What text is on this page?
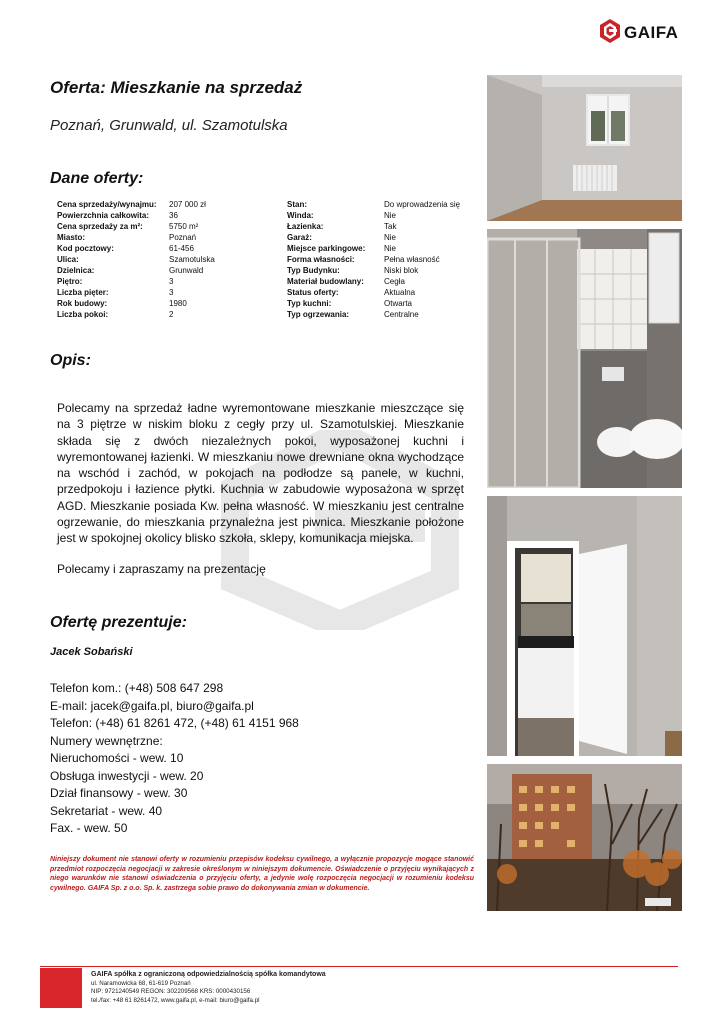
GAIFA
Oferta: Mieszkanie na sprzedaż
Poznań, Grunwald, ul. Szamotulska
Dane oferty:
Cena sprzedaży/wynajmu: 207 000 zł	Stan:	Do wprowadzenia się
Powierzchnia całkowita: 36	Winda:	Nie
Cena sprzedaży za m²:	5750 m²	Łazienka:	Tak
Miasto:	Poznań	Garaż:	Nie
Kod pocztowy:	61-456	Miejsce parkingowe: Nie
Ulica:	Szamotulska	Forma własności:	Pełna własność
Dzielnica:	Grunwald	Typ Budynku:	Niski blok
Piętro:	3	Materiał budowlany:	Cegła
Liczba pięter:	3	Status oferty:	Aktualna
Rok budowy:	1980	Typ kuchni:	Otwarta
Liczba pokoi:	2	Typ ogrzewania:	Centralne
Opis:

Polecamy na sprzedaż ładne wyremontowane mieszkanie mieszczące się na 3 piętrze w niskim bloku z cegły przy ul. Szamotulskiej. Mieszkanie składa się z dwóch niezależnych pokoi, wyposażonej kuchni i wyremontowanej łazienki. W mieszkaniu nowe drewniane okna wychodzące na wschód i zachód, w pokojach na podłodze są panele, w kuchni, przedpokoju i łazience płytki. Kuchnia w zabudowie wyposażona w sprzęt AGD. Mieszkanie posiada Kw. pełna własność. W mieszkaniu jest centralne ogrzewanie, do mieszkania przynależna jest piwnica. Mieszkanie położone jest w spokojnej okolicy blisko szkoła, sklepy, komunikacja miejska.

Polecamy i zapraszamy na prezentację

Ofertę prezentuje:
Jacek Sobański
Telefon kom.: (+48) 508 647 298
E-mail: jacek@gaifa.pl, biuro@gaifa.pl
Telefon: (+48) 61 8261 472, (+48) 61 4151 968
Numery wewnętrzne:
Nieruchomości - wew. 10
Obsługa inwestycji - wew. 20
Dział finansowy - wew. 30
Sekretariat - wew. 40
Fax. - wew. 50
Niniejszy dokument nie stanowi oferty w rozumieniu przepisów kodeksu cywilnego, a wyłącznie propozycje mogące stanowić przedmiot rozpoczęcia negocjacji w zakresie określonym w niniejszym dokumencie. Oświadczenie o przyjęciu wynikających z niego warunków nie stanowi oświadczenia o przyjęciu oferty, a jedynie wolę rozpoczęcia negocjacji w rozumieniu kodeksu cywilnego. GAIFA Sp. z o.o. Sp. k. zastrzega sobie prawo do dokonywania zmian w dokumencie.
GAIFA spółka z ograniczoną odpowiedzialnością spółka komandytowa
ul. Naramowicka 68, 61-619 Poznań
NIP: 9721240549 REGON: 302209568 KRS: 0000430156
tel./fax: +48 61 8261472, www.gaifa.pl, e-mail: biuro@gaifa.pl
